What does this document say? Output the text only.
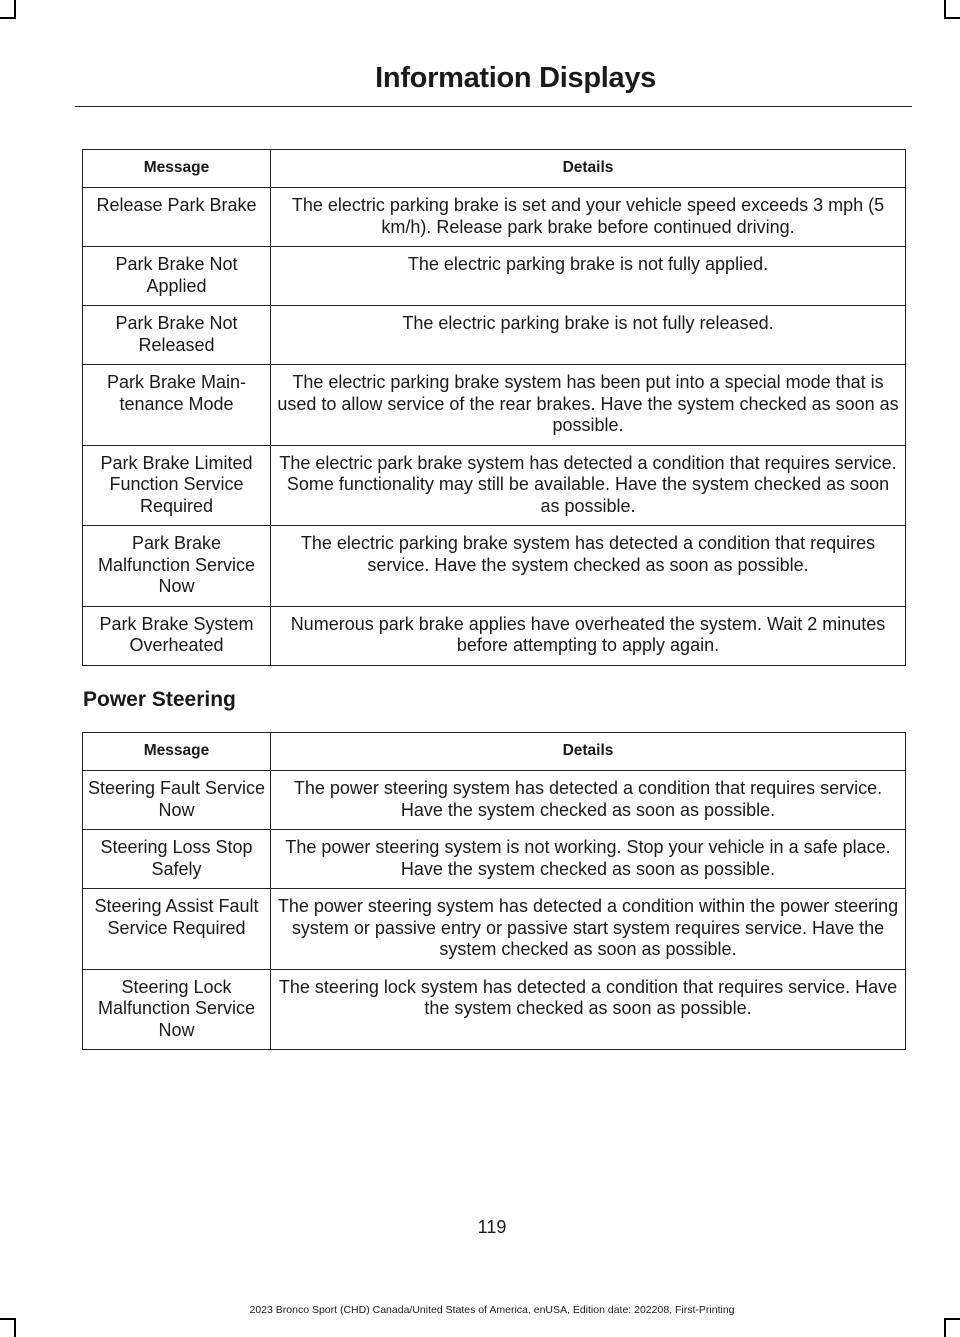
Information Displays
Message	Details
Release Park Brake	The electric parking brake is set and your vehicle speed exceeds 3 mph (5 km/h). Release park brake before continued driving.
Park Brake Not Applied	The electric parking brake is not fully applied.
Park Brake Not Released	The electric parking brake is not fully released.
Park Brake Main-tenance Mode	The electric parking brake system has been put into a special mode that is used to allow service of the rear brakes. Have the system checked as soon as possible.
Park Brake Limited Function Service Required	The electric park brake system has detected a condition that requires service. Some functionality may still be available. Have the system checked as soon as possible.
Park Brake Malfunction Service Now	The electric parking brake system has detected a condition that requires service. Have the system checked as soon as possible.
Park Brake System Overheated	Numerous park brake applies have overheated the system. Wait 2 minutes before attempting to apply again.
Power Steering
Message	Details
Steering Fault Service Now	The power steering system has detected a condition that requires service. Have the system checked as soon as possible.
Steering Loss Stop Safely	The power steering system is not working. Stop your vehicle in a safe place. Have the system checked as soon as possible.
Steering Assist Fault Service Required	The power steering system has detected a condition within the power steering system or passive entry or passive start system requires service. Have the system checked as soon as possible.
Steering Lock Malfunction Service Now	The steering lock system has detected a condition that requires service. Have the system checked as soon as possible.
119
2023 Bronco Sport (CHD) Canada/United States of America, enUSA, Edition date: 202208, First-Printing
